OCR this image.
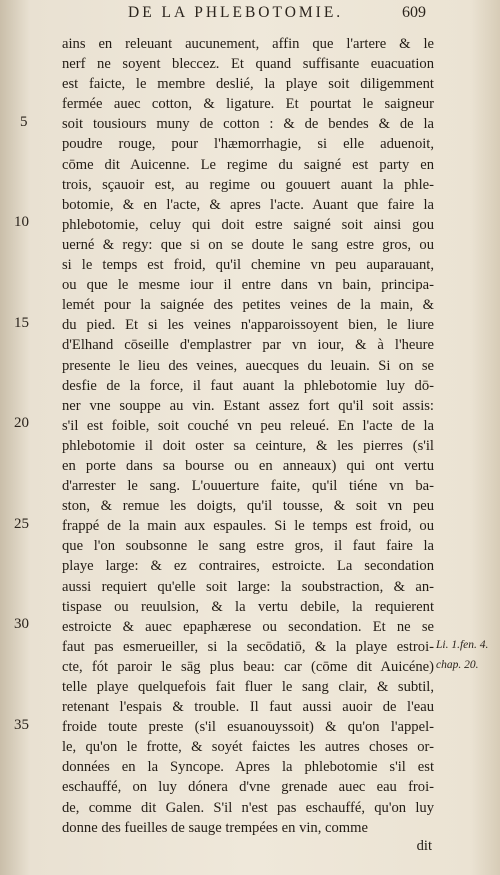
DE LA PHLEBOTOMIE.	609
ains en releuant aucunement, affin que l'artere & le
nerf ne soyent bleccez. Et quand suffisante euacuation
est faicte, le membre deslié, la playe soit diligemment
fermée auec cotton, & ligature. Et pourtat le saigneur
soit tousiours muny de cotton : & de bendes & de la
poudre rouge, pour l'hæmorrhagie, si elle aduenoit,
cōme dit Auicenne. Le regime du saigné est party en
trois, sçauoir est, au regime ou gouuert auant la phle-
botomie, & en l'acte, & apres l'acte. Auant que faire la
phlebotomie, celuy qui doit estre saigné soit ainsi gou
uerné & regy: que si on se doute le sang estre gros, ou
si le temps est froid, qu'il chemine vn peu auparauant,
ou que le mesme iour il entre dans vn bain, principa-
lemét pour la saignée des petites veines de la main, &
du pied. Et si les veines n'apparoissoyent bien, le liure
d'Elhand cōseille d'emplastrer par vn iour, & à l'heure
presente le lieu des veines, auecques du leuain. Si on se
desfie de la force, il faut auant la phlebotomie luy dō-
ner vne souppe au vin. Estant assez fort qu'il soit assis:
s'il est foible, soit couché vn peu releué. En l'acte de la
phlebotomie il doit oster sa ceinture, & les pierres (s'il
en porte dans sa bourse ou en anneaux) qui ont vertu
d'arrester le sang. L'ouuerture faite, qu'il tiéne vn ba-
ston, & remue les doigts, qu'il tousse, & soit vn peu
frappé de la main aux espaules. Si le temps est froid, ou
que l'on soubsonne le sang estre gros, il faut faire la
playe large: & ez contraires, estroicte. La secondation
aussi requiert qu'elle soit large: la soubstraction, & an-
tispase ou reuulsion, & la vertu debile, la requierent
estroicte & auec epaphæresе ou secondation. Et ne se
faut pas esmerueiller, si la secōdatiō, & la playe estroi-
cte, fót paroir le sāg plus beau: car (cōme dit Auicéne)
telle playe quelquefois fait fluer le sang clair, & subtil,
retenant l'espais & trouble. Il faut aussi auoir de l'eau
froide toute preste (s'il esuanouyssoit) & qu'on l'appel-
le, qu'on le frotte, & soyét faictes les autres choses or-
données en la Syncope. Apres la phlebotomie s'il est
eschauffé, on luy dónera d'vne grenade auec eau froi-
de, comme dit Galen. S'il n'est pas eschauffé, qu'on luy
donne des fueilles de sauge trempées en vin, comme
5
10
15
20
25
30
35
Li. 1.fen. 4.
chap. 20.
dit
